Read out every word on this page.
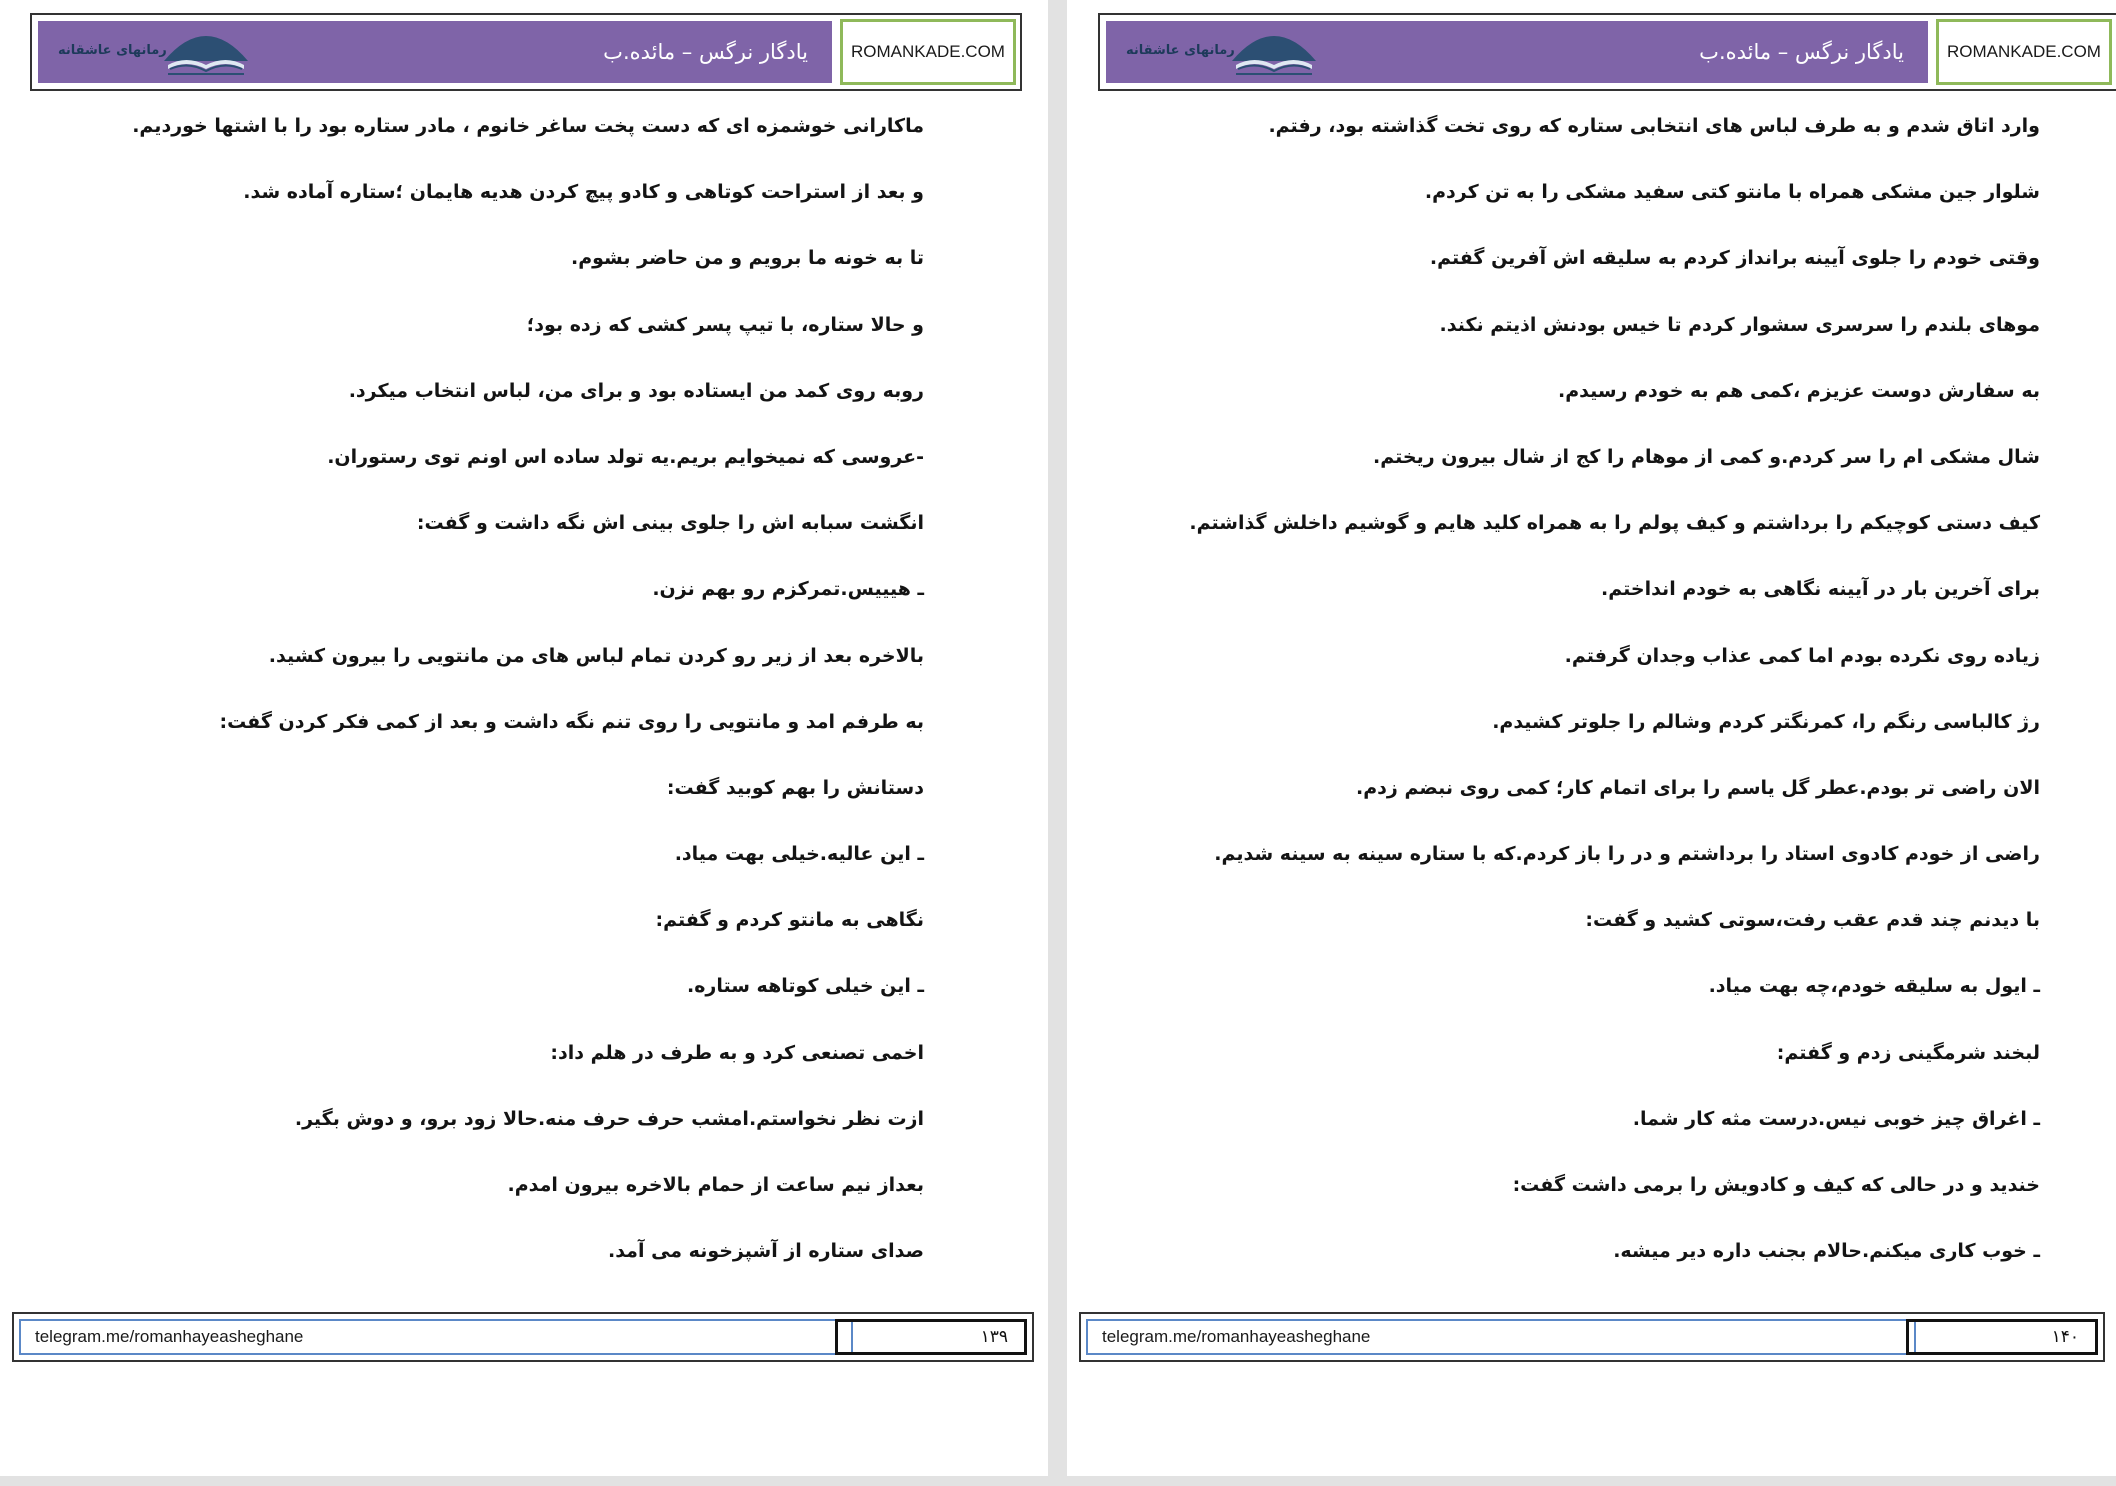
رمانهای عاشقانه	یادگار نرگس – مائده.ب	ROMANKADE.COM
ماکارانی خوشمزه ای که دست پخت ساغر خانوم ، مادر ستاره بود را با اشتها خوردیم.
و بعد از استراحت کوتاهی و کادو پیچ کردن هدیه هایمان ؛ستاره آماده شد.
تا به خونه ما برویم و من حاضر بشوم.
و حالا ستاره، با تیپ پسر کشی که زده بود؛
روبه روی کمد من ایستاده بود و برای من، لباس انتخاب میکرد.
-عروسی که نمیخوایم بریم.یه تولد ساده اس اونم توی رستوران.
انگشت سبابه اش را جلوی بینی اش نگه داشت و گفت:
ـ هیییس.تمرکزم رو بهم نزن.
بالاخره بعد از زیر رو کردن تمام لباس های من مانتویی را بیرون کشید.
به طرفم امد و مانتویی را روی تنم نگه داشت و بعد از کمی فکر کردن گفت:
دستانش را بهم کوبید گفت:
ـ این عالیه.خیلی بهت میاد.
نگاهی به مانتو کردم و گفتم:
ـ این خیلی کوتاهه ستاره.
اخمی تصنعی کرد و به طرف در هلم داد:
ازت نظر نخواستم.امشب حرف حرف منه.حالا زود برو، و دوش بگیر.
بعداز نیم ساعت از حمام بالاخره بیرون امدم.
صدای ستاره از آشپزخونه می آمد.
telegram.me/romanhayeasheghane	۱۳۹
رمانهای عاشقانه	یادگار نرگس – مائده.ب	ROMANKADE.COM
وارد اتاق شدم و به طرف لباس های انتخابی ستاره که روی تخت گذاشته بود، رفتم.
شلوار جین مشکی همراه با مانتو کتی سفید مشکی را به تن کردم.
وقتی خودم را جلوی آیینه برانداز کردم به سلیقه اش آفرین گفتم.
موهای بلندم را سرسری سشوار کردم تا خیس بودنش اذیتم نکند.
به سفارش دوست عزیزم ،کمی هم به خودم رسیدم.
شال مشکی ام را سر کردم.و کمی از موهام را کج از شال بیرون ریختم.
کیف دستی کوچیکم را برداشتم و کیف پولم را به همراه کلید هایم و گوشیم داخلش گذاشتم.
برای آخرین بار در آیینه نگاهی به خودم انداختم.
زیاده روی نکرده بودم اما کمی عذاب وجدان گرفتم.
رژ کالباسی رنگم را، کمرنگتر کردم وشالم را جلوتر کشیدم.
الان راضی تر بودم.عطر گل یاسم را برای اتمام کار؛ کمی روی نبضم زدم.
راضی از خودم کادوی استاد را برداشتم و در را باز کردم.که با ستاره سینه به سینه شدیم.
با دیدنم چند قدم عقب رفت،سوتی کشید و گفت:
ـ ایول به سلیقه خودم،چه بهت میاد.
لبخند شرمگینی زدم و گفتم:
ـ اغراق چیز خوبی نیس.درست مثه کار شما.
خندید و در حالی که کیف و کادویش را برمی داشت گفت:
ـ خوب کاری میکنم.حالام بجنب داره دیر میشه.
telegram.me/romanhayeasheghane	۱۴۰
